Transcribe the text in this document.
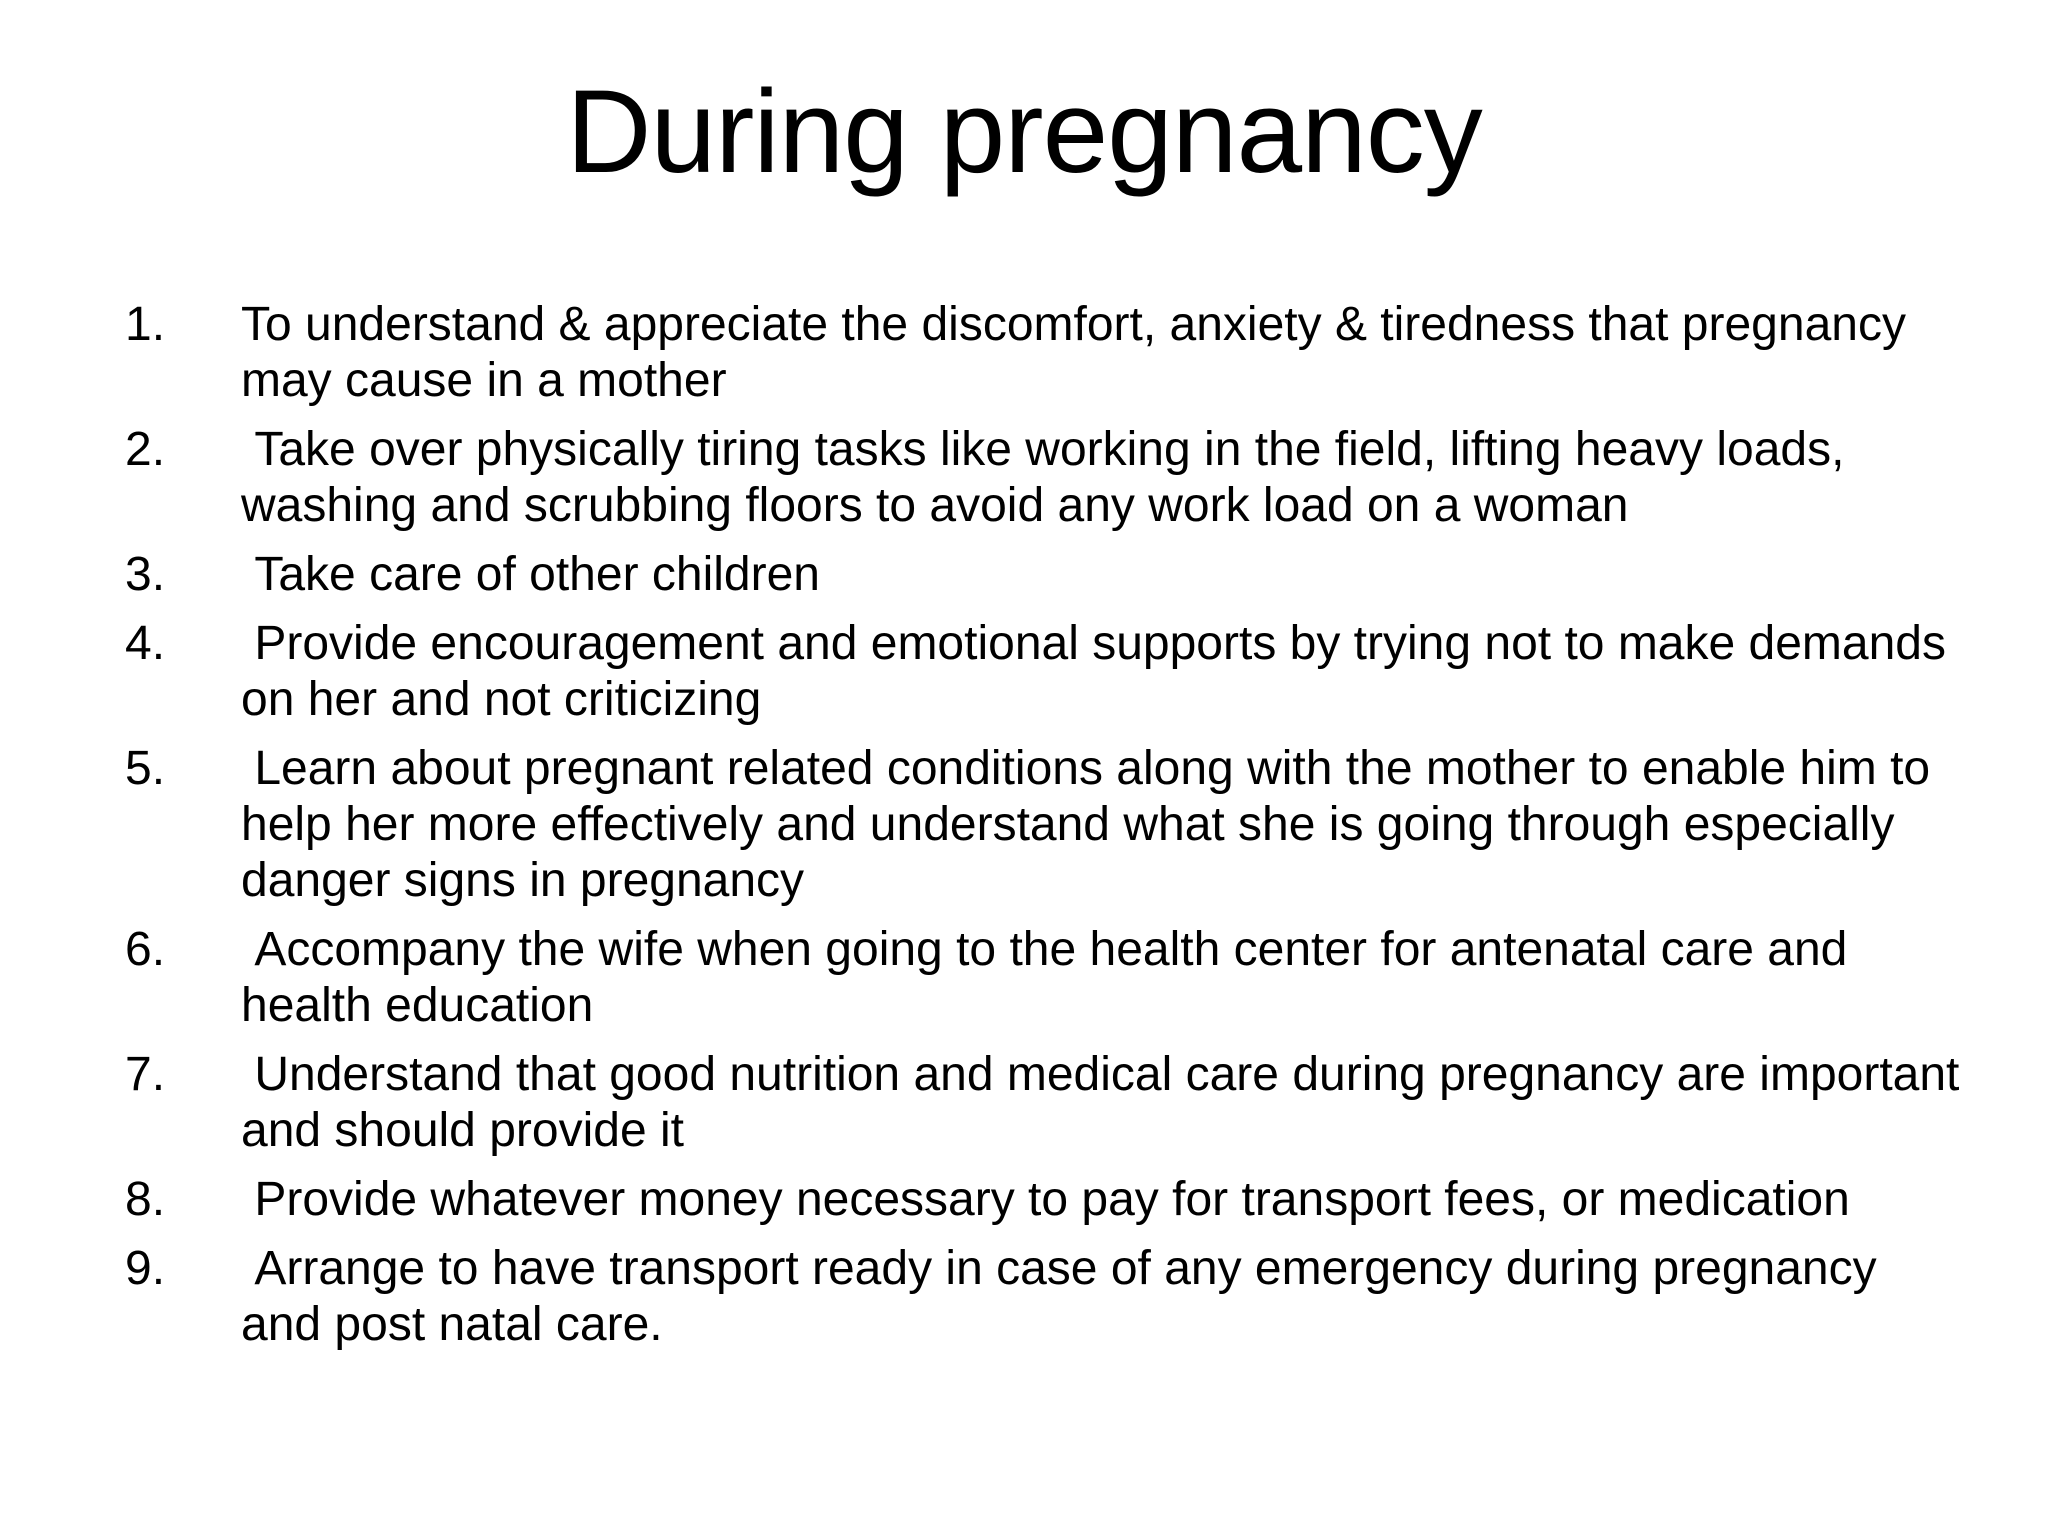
During pregnancy
1.	To understand & appreciate the discomfort, anxiety & tiredness that pregnancy may cause in a mother
2.	Take over physically tiring tasks like working in the field, lifting heavy loads, washing and scrubbing floors to avoid any work load on a woman
3.	Take care of other children
4.	Provide encouragement and emotional supports by trying not to make demands on her and not criticizing
5.	Learn about pregnant related conditions along with the mother to enable him to help her more effectively and understand what she is going through especially danger signs in pregnancy
6.	Accompany the wife when going to the health center for antenatal care and health education
7.	Understand that good nutrition and medical care during pregnancy are important and should provide it
8.	Provide whatever money necessary to pay for transport fees, or medication
9.	Arrange to have transport ready in case of any emergency during pregnancy and post natal care.
